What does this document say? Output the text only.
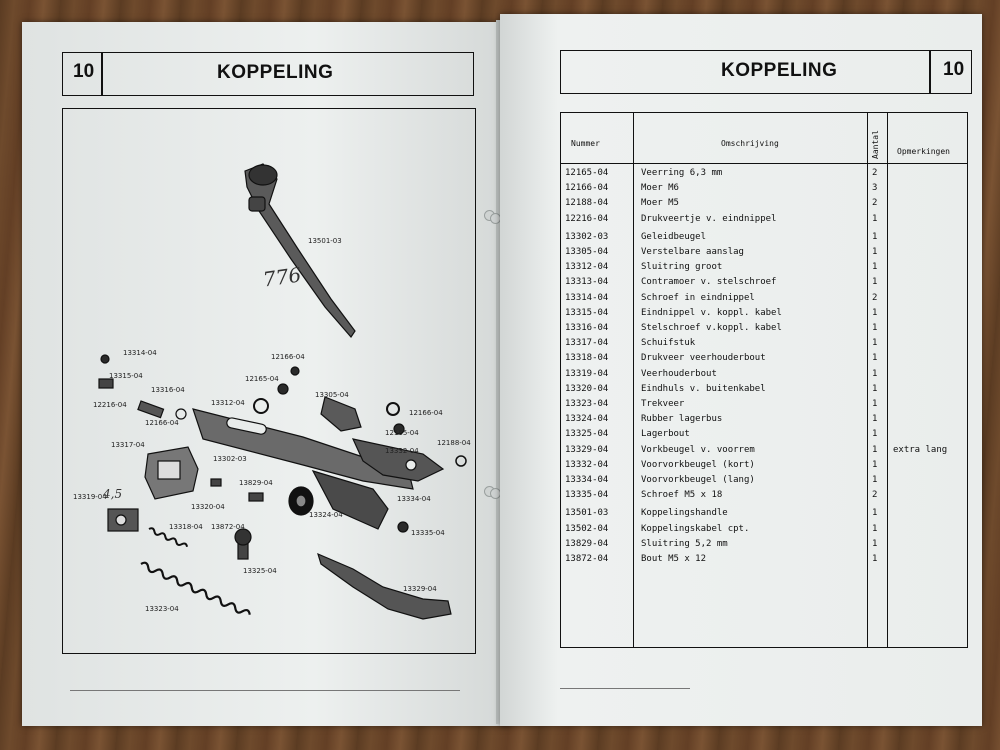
10	KOPPELING
13501-03
13314-04
13315-04
13316-04
12216-04
12166-04
12165-04
12166-04
13312-04
13305-04
12166-04
12165-04
12188-04
13317-04
13302-03
13332-04
13829-04
13334-04
13319-04
13320-04
13324-04
13335-04
13318-04 13872-04
13325-04
13329-04
13323-04
776
4,5
KOPPELING	10
Nummer	Omschrijving	Aantal Opmerkingen
12165-04	Veerring 6,3 mm	2
12166-04	Moer M6	3
12188-04	Moer M5	2
12216-04	Drukveertje v. eindnippel	1
13302-03	Geleidbeugel	1
13305-04	Verstelbare aanslag	1
13312-04	Sluitring groot	1
13313-04	Contramoer v. stelschroef	1
13314-04	Schroef in eindnippel	2
13315-04	Eindnippel v. koppl. kabel	1
13316-04	Stelschroef v.koppl. kabel	1
13317-04	Schuifstuk	1
13318-04	Drukveer veerhouderbout	1
13319-04	Veerhouderbout	1
13320-04	Eindhuls v. buitenkabel	1
13323-04	Trekveer	1
13324-04	Rubber lagerbus	1
13325-04	Lagerbout	1
13329-04	Vorkbeugel v. voorrem	1 extra lang
13332-04	Voorvorkbeugel (kort)	1
13334-04	Voorvorkbeugel (lang)	1
13335-04	Schroef M5 x 18	2
13501-03	Koppelingshandle	1
13502-04	Koppelingskabel cpt.	1
13829-04	Sluitring 5,2 mm	1
13872-04	Bout M5 x 12	1
